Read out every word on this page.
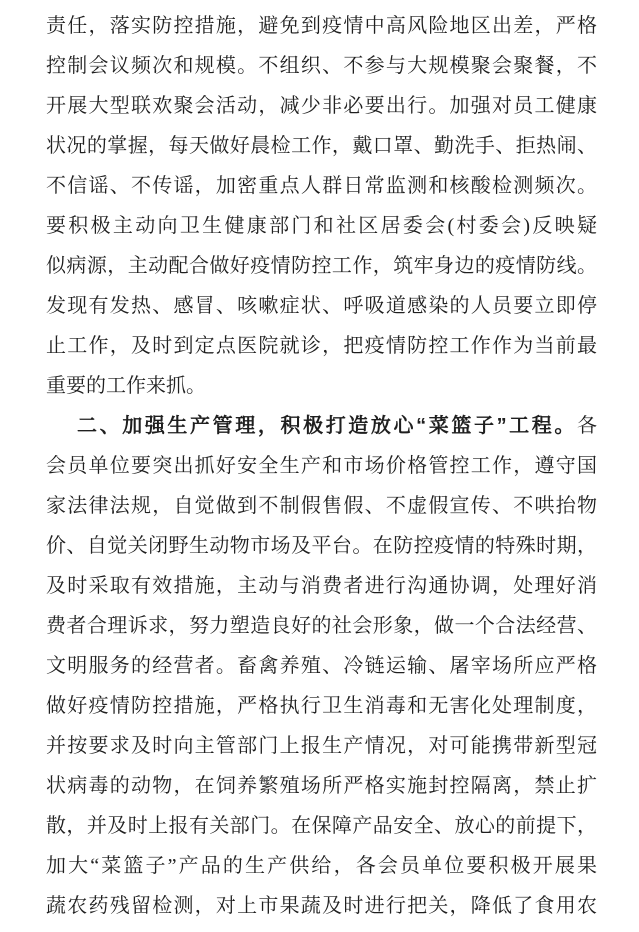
责任，落实防控措施，避免到疫情中高风险地区出差，严格
控制会议频次和规模。不组织、不参与大规模聚会聚餐，不
开展大型联欢聚会活动，减少非必要出行。加强对员工健康
状况的掌握，每天做好晨检工作，戴口罩、勤洗手、拒热闹、
不信谣、不传谣，加密重点人群日常监测和核酸检测频次。
要积极主动向卫生健康部门和社区居委会(村委会)反映疑
似病源，主动配合做好疫情防控工作，筑牢身边的疫情防线。
发现有发热、感冒、咳嗽症状、呼吸道感染的人员要立即停
止工作，及时到定点医院就诊，把疫情防控工作作为当前最
重要的工作来抓。
二、加强生产管理，积极打造放心“菜篮子”工程。各
会员单位要突出抓好安全生产和市场价格管控工作，遵守国
家法律法规，自觉做到不制假售假、不虚假宣传、不哄抬物
价、自觉关闭野生动物市场及平台。在防控疫情的特殊时期，
及时采取有效措施，主动与消费者进行沟通协调，处理好消
费者合理诉求，努力塑造良好的社会形象，做一个合法经营、
文明服务的经营者。畜禽养殖、冷链运输、屠宰场所应严格
做好疫情防控措施，严格执行卫生消毒和无害化处理制度，
并按要求及时向主管部门上报生产情况，对可能携带新型冠
状病毒的动物，在饲养繁殖场所严格实施封控隔离，禁止扩
散，并及时上报有关部门。在保障产品安全、放心的前提下，
加大“菜篮子”产品的生产供给，各会员单位要积极开展果
蔬农药残留检测，对上市果蔬及时进行把关，降低了食用农
